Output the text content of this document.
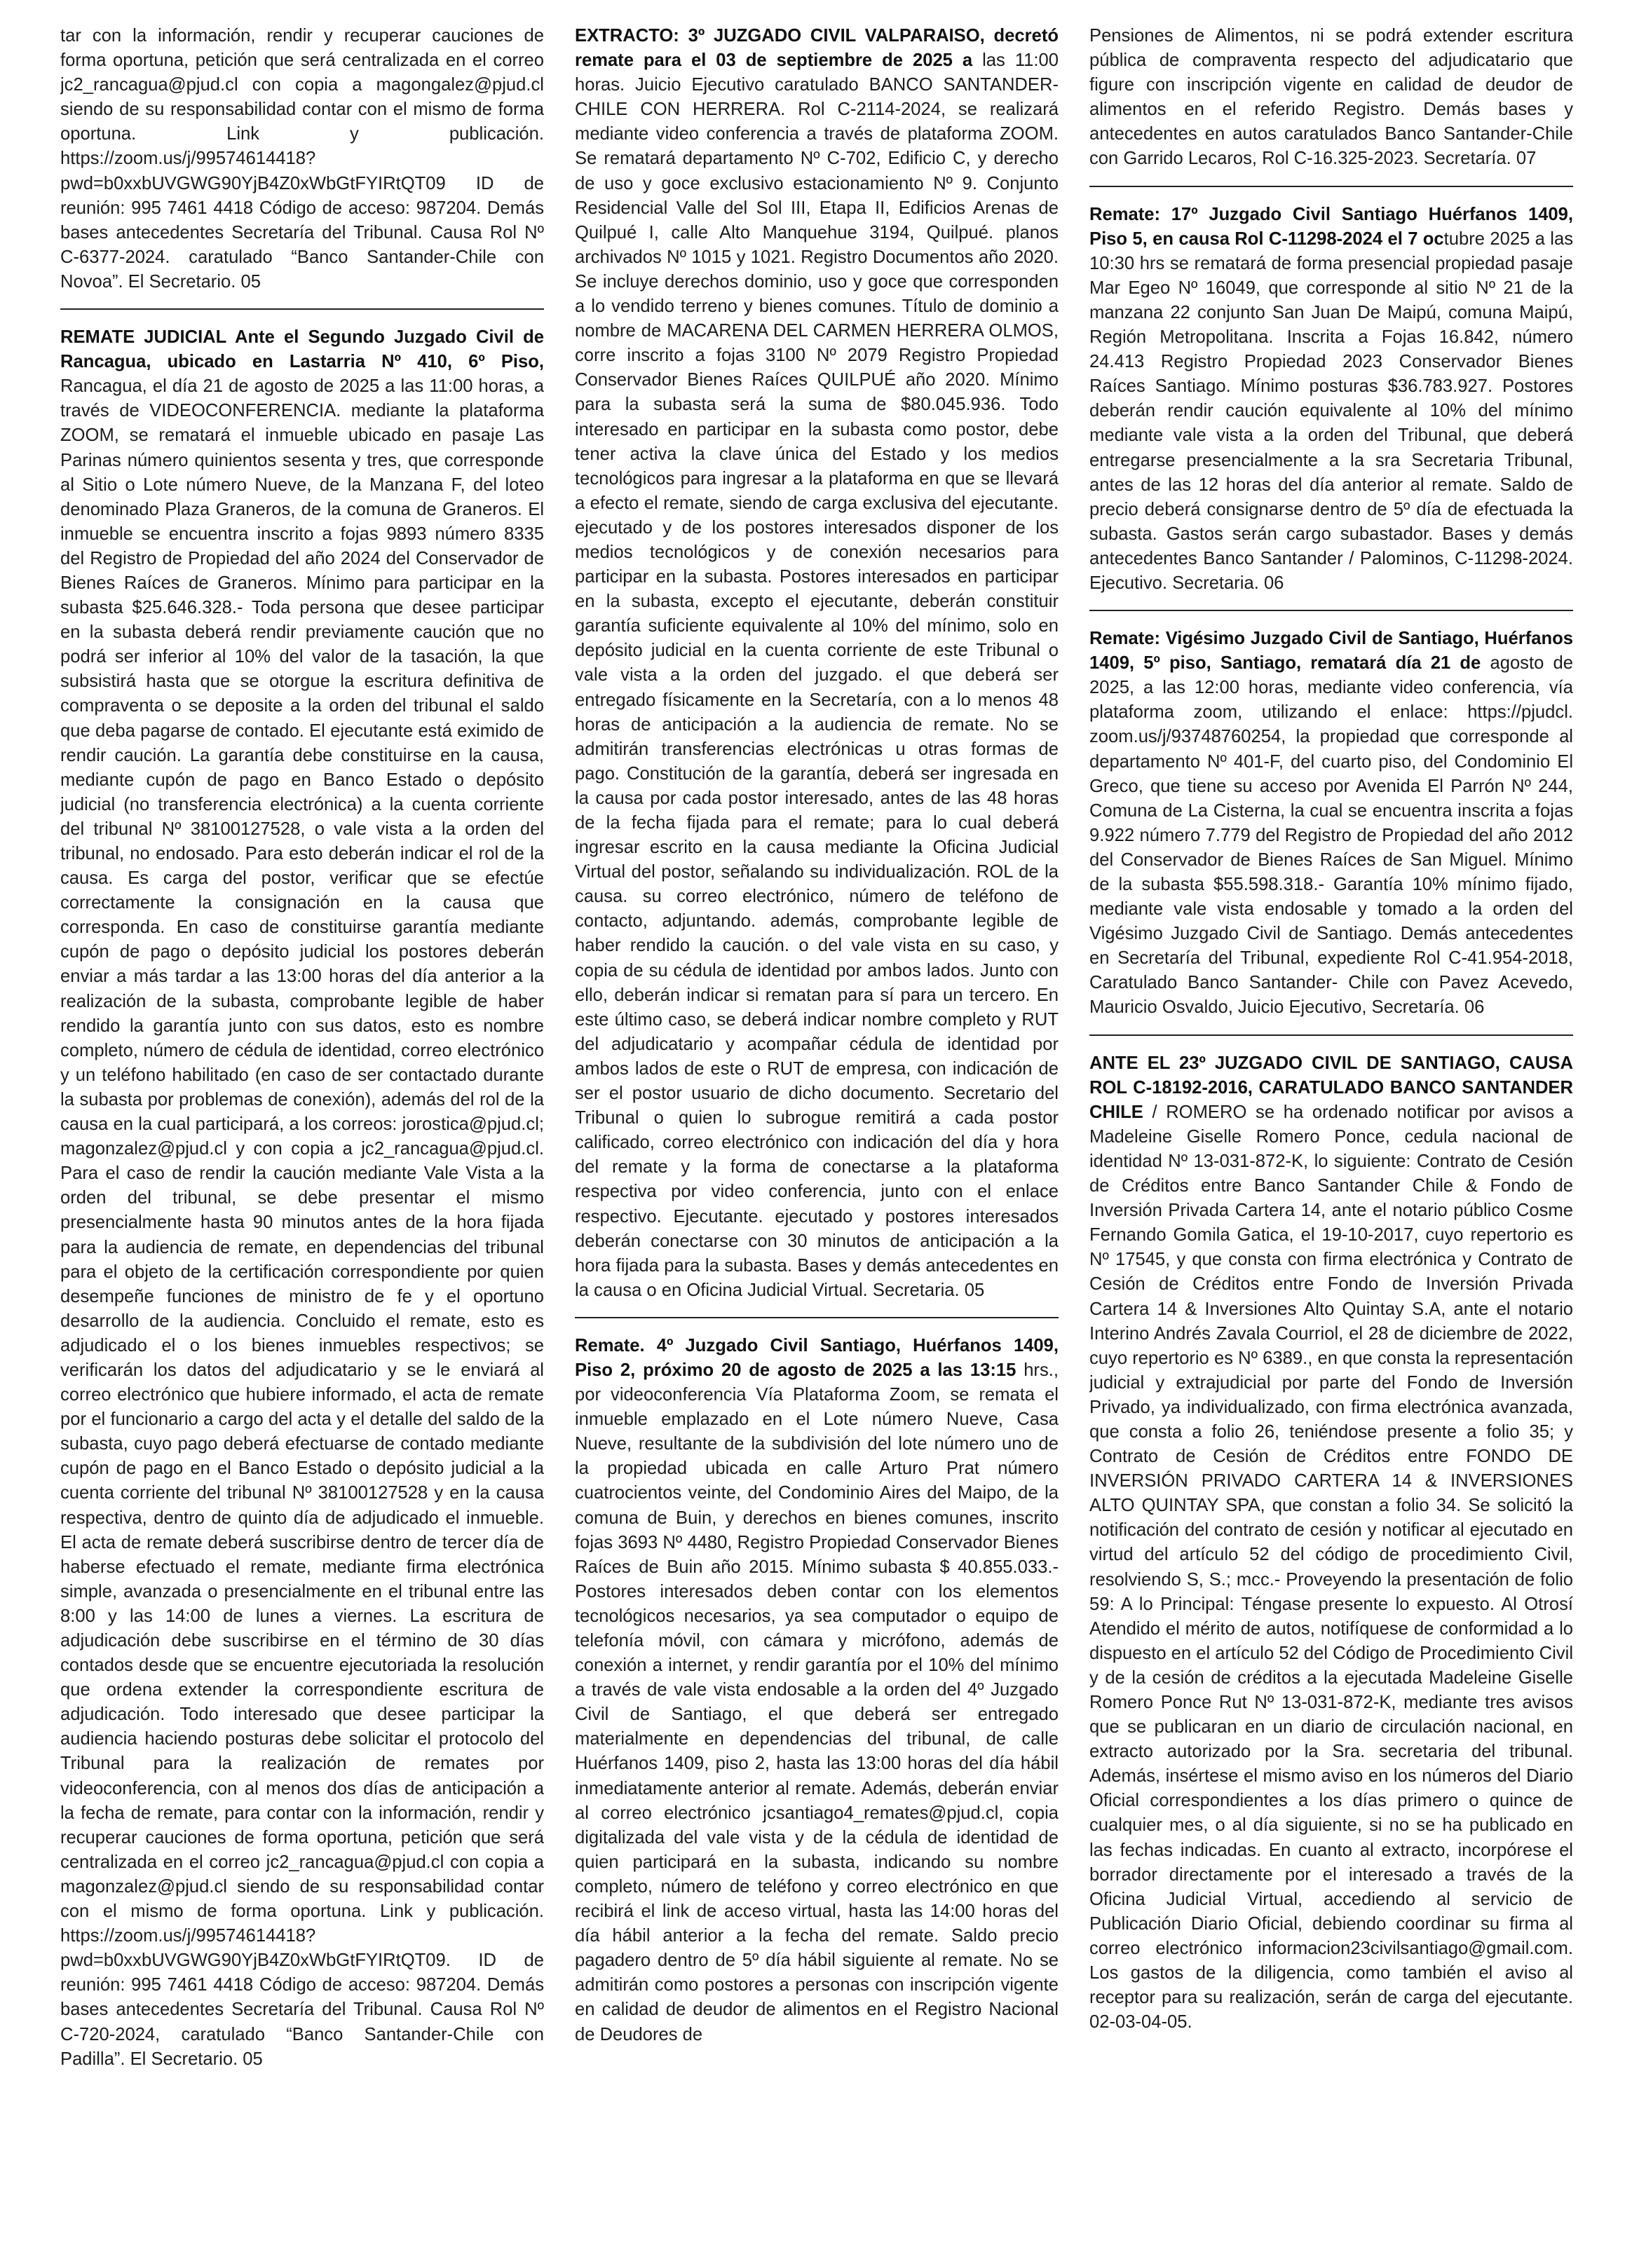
tar con la información, rendir y recuperar cauciones de forma oportuna, petición que será centralizada en el correo jc2_rancagua@pjud.cl con copia a magongalez@pjud.cl siendo de su responsabilidad contar con el mismo de forma oportuna. Link y publicación. https://zoom.us/j/99574614418?pwd=b0xxbUVGWG90YjB4Z0xWbGtFYIRtQT09 ID de reunión: 995 7461 4418 Código de acceso: 987204. Demás bases antecedentes Secretaría del Tribunal. Causa Rol Nº C-6377-2024. caratulado “Banco Santander-Chile con Novoa”. El Secretario. 05

REMATE JUDICIAL Ante el Segundo Juzgado Civil de Rancagua, ubicado en Lastarria Nº 410, 6º Piso, Rancagua, el día 21 de agosto de 2025 a las 11:00 horas, a través de VIDEOCONFERENCIA. mediante la plataforma ZOOM, se rematará el inmueble ubicado en pasaje Las Parinas número quinientos sesenta y tres, que corresponde al Sitio o Lote número Nueve, de la Manzana F, del loteo denominado Plaza Graneros, de la comuna de Graneros. El inmueble se encuentra inscrito a fojas 9893 número 8335 del Registro de Propiedad del año 2024 del Conservador de Bienes Raíces de Graneros. Mínimo para participar en la subasta $25.646.328.- Toda persona que desee participar en la subasta deberá rendir previamente caución que no podrá ser inferior al 10% del valor de la tasación, la que subsistirá hasta que se otorgue la escritura definitiva de compraventa o se deposite a la orden del tribunal el saldo que deba pagarse de contado. El ejecutante está eximido de rendir caución. La garantía debe constituirse en la causa, mediante cupón de pago en Banco Estado o depósito judicial (no transferencia electrónica) a la cuenta corriente del tribunal Nº 38100127528, o vale vista a la orden del tribunal, no endosado. Para esto deberán indicar el rol de la causa. Es carga del postor, verificar que se efectúe correctamente la consignación en la causa que corresponda. En caso de constituirse garantía mediante cupón de pago o depósito judicial los postores deberán enviar a más tardar a las 13:00 horas del día anterior a la realización de la subasta, comprobante legible de haber rendido la garantía junto con sus datos, esto es nombre completo, número de cédula de identidad, correo electrónico y un teléfono habilitado (en caso de ser contactado durante la subasta por problemas de conexión), además del rol de la causa en la cual participará, a los correos: jorostica@pjud.cl; magonzalez@pjud.cl y con copia a jc2_rancagua@pjud.cl. Para el caso de rendir la caución mediante Vale Vista a la orden del tribunal, se debe presentar el mismo presencialmente hasta 90 minutos antes de la hora fijada para la audiencia de remate, en dependencias del tribunal para el objeto de la certificación correspondiente por quien desempeñe funciones de ministro de fe y el oportuno desarrollo de la audiencia. Concluido el remate, esto es adjudicado el o los bienes inmuebles respectivos; se verificarán los datos del adjudicatario y se le enviará al correo electrónico que hubiere informado, el acta de remate por el funcionario a cargo del acta y el detalle del saldo de la subasta, cuyo pago deberá efectuarse de contado mediante cupón de pago en el Banco Estado o depósito judicial a la cuenta corriente del tribunal Nº 38100127528 y en la causa respectiva, dentro de quinto día de adjudicado el inmueble. El acta de remate deberá suscribirse dentro de tercer día de haberse efectuado el remate, mediante firma electrónica simple, avanzada o presencialmente en el tribunal entre las 8:00 y las 14:00 de lunes a viernes. La escritura de adjudicación debe suscribirse en el término de 30 días contados desde que se encuentre ejecutoriada la resolución que ordena extender la correspondiente escritura de adjudicación. Todo interesado que desee participar la audiencia haciendo posturas debe solicitar el protocolo del Tribunal para la realización de remates por videoconferencia, con al menos dos días de anticipación a la fecha de remate, para contar con la información, rendir y recuperar cauciones de forma oportuna, petición que será centralizada en el correo jc2_rancagua@pjud.cl con copia a magonzalez@pjud.cl siendo de su responsabilidad contar con el mismo de forma oportuna. Link y publicación. https://zoom.us/j/99574614418?pwd=b0xxbUVGWG90YjB4Z0xWbGtFYIRtQT09. ID de reunión: 995 7461 4418 Código de acceso: 987204. Demás bases antecedentes Secretaría del Tribunal. Causa Rol Nº C-720-2024, caratulado “Banco Santander-Chile con Padilla”. El Secretario. 05

EXTRACTO: 3º JUZGADO CIVIL VALPARAISO, decretó remate para el 03 de septiembre de 2025 a las 11:00 horas. Juicio Ejecutivo caratulado BANCO SANTANDER-CHILE CON HERRERA. Rol C-2114-2024, se realizará mediante video conferencia a través de plataforma ZOOM. Se rematará departamento Nº C-702, Edificio C, y derecho de uso y goce exclusivo estacionamiento Nº 9. Conjunto Residencial Valle del Sol III, Etapa II, Edificios Arenas de Quilpué I, calle Alto Manquehue 3194, Quilpué. planos archivados Nº 1015 y 1021. Registro Documentos año 2020. Se incluye derechos dominio, uso y goce que corresponden a lo vendido terreno y bienes comunes. Título de dominio a nombre de MACARENA DEL CARMEN HERRERA OLMOS, corre inscrito a fojas 3100 Nº 2079 Registro Propiedad Conservador Bienes Raíces QUILPUÉ año 2020. Mínimo para la subasta será la suma de $80.045.936. Todo interesado en participar en la subasta como postor, debe tener activa la clave única del Estado y los medios tecnológicos para ingresar a la plataforma en que se llevará a efecto el remate, siendo de carga exclusiva del ejecutante. ejecutado y de los postores interesados disponer de los medios tecnológicos y de conexión necesarios para participar en la subasta. Postores interesados en participar en la subasta, excepto el ejecutante, deberán constituir garantía suficiente equivalente al 10% del mínimo, solo en depósito judicial en la cuenta corriente de este Tribunal o vale vista a la orden del juzgado. el que deberá ser entregado físicamente en la Secretaría, con a lo menos 48 horas de anticipación a la audiencia de remate. No se admitirán transferencias electrónicas u otras formas de pago. Constitución de la garantía, deberá ser ingresada en la causa por cada postor interesado, antes de las 48 horas de la fecha fijada para el remate; para lo cual deberá ingresar escrito en la causa mediante la Oficina Judicial Virtual del postor, señalando su individualización. ROL de la causa. su correo electrónico, número de teléfono de contacto, adjuntando. además, comprobante legible de haber rendido la caución. o del vale vista en su caso, y copia de su cédula de identidad por ambos lados. Junto con ello, deberán indicar si rematan para sí para un tercero. En este último caso, se deberá indicar nombre completo y RUT del adjudicatario y acompañar cédula de identidad por ambos lados de este o RUT de empresa, con indicación de ser el postor usuario de dicho documento. Secretario del Tribunal o quien lo subrogue remitirá a cada postor calificado, correo electrónico con indicación del día y hora del remate y la forma de conectarse a la plataforma respectiva por video conferencia, junto con el enlace respectivo. Ejecutante. ejecutado y postores interesados deberán conectarse con 30 minutos de anticipación a la hora fijada para la subasta. Bases y demás antecedentes en la causa o en Oficina Judicial Virtual. Secretaria. 05

Remate. 4º Juzgado Civil Santiago, Huérfanos 1409, Piso 2, próximo 20 de agosto de 2025 a las 13:15 hrs., por videoconferencia Vía Plataforma Zoom, se remata el inmueble emplazado en el Lote número Nueve, Casa Nueve, resultante de la subdivisión del lote número uno de la propiedad ubicada en calle Arturo Prat número cuatrocientos veinte, del Condominio Aires del Maipo, de la comuna de Buin, y derechos en bienes comunes, inscrito fojas 3693 Nº 4480, Registro Propiedad Conservador Bienes Raíces de Buin año 2015. Mínimo subasta $ 40.855.033.- Postores interesados deben contar con los elementos tecnológicos necesarios, ya sea computador o equipo de telefonía móvil, con cámara y micrófono, además de conexión a internet, y rendir garantía por el 10% del mínimo a través de vale vista endosable a la orden del 4º Juzgado Civil de Santiago, el que deberá ser entregado materialmente en dependencias del tribunal, de calle Huérfanos 1409, piso 2, hasta las 13:00 horas del día hábil inmediatamente anterior al remate. Además, deberán enviar al correo electrónico jcsantiago4_remates@pjud.cl, copia digitalizada del vale vista y de la cédula de identidad de quien participará en la subasta, indicando su nombre completo, número de teléfono y correo electrónico en que recibirá el link de acceso virtual, hasta las 14:00 horas del día hábil anterior a la fecha del remate. Saldo precio pagadero dentro de 5º día hábil siguiente al remate. No se admitirán como postores a personas con inscripción vigente en calidad de deudor de alimentos en el Registro Nacional de Deudores de

Pensiones de Alimentos, ni se podrá extender escritura pública de compraventa respecto del adjudicatario que figure con inscripción vigente en calidad de deudor de alimentos en el referido Registro. Demás bases y antecedentes en autos caratulados Banco Santander-Chile con Garrido Lecaros, Rol C-16.325-2023. Secretaría. 07

Remate: 17º Juzgado Civil Santiago Huérfanos 1409, Piso 5, en causa Rol C-11298-2024 el 7 octubre 2025 a las 10:30 hrs se rematará de forma presencial propiedad pasaje Mar Egeo Nº 16049, que corresponde al sitio Nº 21 de la manzana 22 conjunto San Juan De Maipú, comuna Maipú, Región Metropolitana. Inscrita a Fojas 16.842, número 24.413 Registro Propiedad 2023 Conservador Bienes Raíces Santiago. Mínimo posturas $36.783.927. Postores deberán rendir caución equivalente al 10% del mínimo mediante vale vista a la orden del Tribunal, que deberá entregarse presencialmente a la sra Secretaria Tribunal, antes de las 12 horas del día anterior al remate. Saldo de precio deberá consignarse dentro de 5º día de efectuada la subasta. Gastos serán cargo subastador. Bases y demás antecedentes Banco Santander / Palominos, C-11298-2024. Ejecutivo. Secretaria. 06

Remate: Vigésimo Juzgado Civil de Santiago, Huérfanos 1409, 5º piso, Santiago, rematará día 21 de agosto de 2025, a las 12:00 horas, mediante video conferencia, vía plataforma zoom, utilizando el enlace: https://pjudcl. zoom.us/j/93748760254, la propiedad que corresponde al departamento Nº 401-F, del cuarto piso, del Condominio El Greco, que tiene su acceso por Avenida El Parrón Nº 244, Comuna de La Cisterna, la cual se encuentra inscrita a fojas 9.922 número 7.779 del Registro de Propiedad del año 2012 del Conservador de Bienes Raíces de San Miguel. Mínimo de la subasta $55.598.318.- Garantía 10% mínimo fijado, mediante vale vista endosable y tomado a la orden del Vigésimo Juzgado Civil de Santiago. Demás antecedentes en Secretaría del Tribunal, expediente Rol C-41.954-2018, Caratulado Banco Santander- Chile con Pavez Acevedo, Mauricio Osvaldo, Juicio Ejecutivo, Secretaría. 06

ANTE EL 23º JUZGADO CIVIL DE SANTIAGO, CAUSA ROL C-18192-2016, CARATULADO BANCO SANTANDER CHILE / ROMERO se ha ordenado notificar por avisos a Madeleine Giselle Romero Ponce, cedula nacional de identidad Nº 13-031-872-K, lo siguiente: Contrato de Cesión de Créditos entre Banco Santander Chile & Fondo de Inversión Privada Cartera 14, ante el notario público Cosme Fernando Gomila Gatica, el 19-10-2017, cuyo repertorio es Nº 17545, y que consta con firma electrónica y Contrato de Cesión de Créditos entre Fondo de Inversión Privada Cartera 14 & Inversiones Alto Quintay S.A, ante el notario Interino Andrés Zavala Courriol, el 28 de diciembre de 2022, cuyo repertorio es Nº 6389., en que consta la representación judicial y extrajudicial por parte del Fondo de Inversión Privado, ya individualizado, con firma electrónica avanzada, que consta a folio 26, teniéndose presente a folio 35; y Contrato de Cesión de Créditos entre FONDO DE INVERSIÓN PRIVADO CARTERA 14 & INVERSIONES ALTO QUINTAY SPA, que constan a folio 34. Se solicitó la notificación del contrato de cesión y notificar al ejecutado en virtud del artículo 52 del código de procedimiento Civil, resolviendo S, S.; mcc.- Proveyendo la presentación de folio 59: A lo Principal: Téngase presente lo expuesto. Al Otrosí Atendido el mérito de autos, notifíquese de conformidad a lo dispuesto en el artículo 52 del Código de Procedimiento Civil y de la cesión de créditos a la ejecutada Madeleine Giselle Romero Ponce Rut Nº 13-031-872-K, mediante tres avisos que se publicaran en un diario de circulación nacional, en extracto autorizado por la Sra. secretaria del tribunal. Además, insértese el mismo aviso en los números del Diario Oficial correspondientes a los días primero o quince de cualquier mes, o al día siguiente, si no se ha publicado en las fechas indicadas. En cuanto al extracto, incorpórese el borrador directamente por el interesado a través de la Oficina Judicial Virtual, accediendo al servicio de Publicación Diario Oficial, debiendo coordinar su firma al correo electrónico informacion23civilsantiago@gmail.com. Los gastos de la diligencia, como también el aviso al receptor para su realización, serán de carga del ejecutante. 02-03-04-05.
